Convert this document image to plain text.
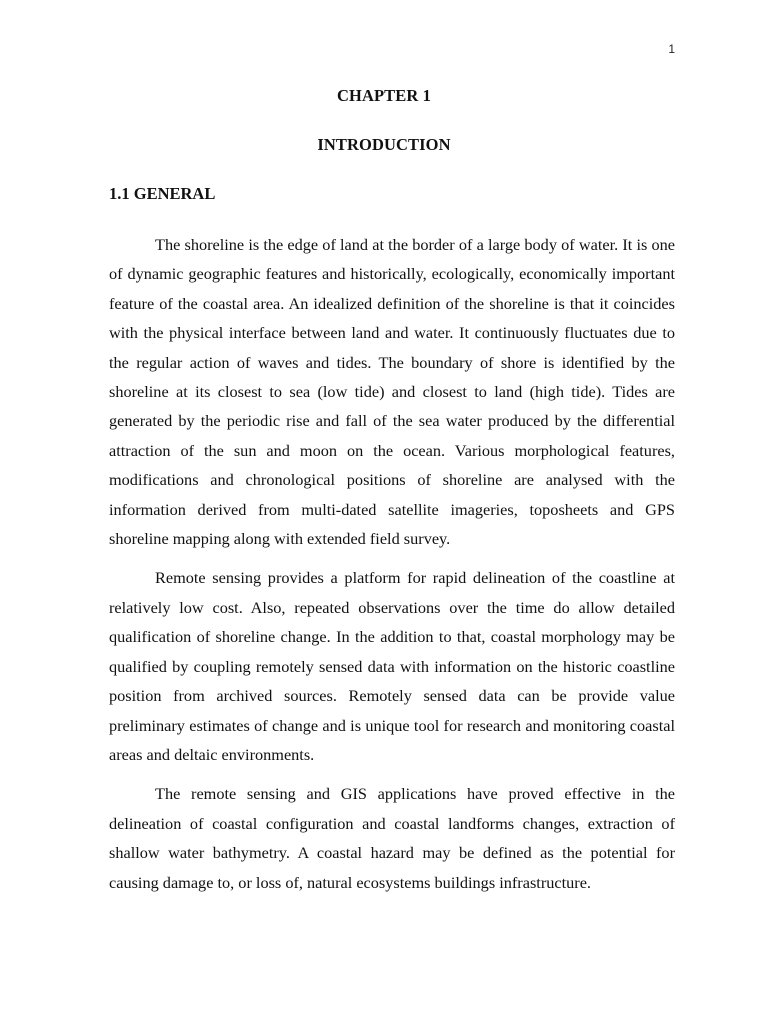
1
CHAPTER 1
INTRODUCTION
1.1 GENERAL

The shoreline is the edge of land at the border of a large body of water. It is one of dynamic geographic features and historically, ecologically, economically important feature of the coastal area. An idealized definition of the shoreline is that it coincides with the physical interface between land and water. It continuously fluctuates due to the regular action of waves and tides. The boundary of shore is identified by the shoreline at its closest to sea (low tide) and closest to land (high tide). Tides are generated by the periodic rise and fall of the sea water produced by the differential attraction of the sun and moon on the ocean. Various morphological features, modifications and chronological positions of shoreline are analysed with the information derived from multi-dated satellite imageries, toposheets and GPS shoreline mapping along with extended field survey.

Remote sensing provides a platform for rapid delineation of the coastline at relatively low cost. Also, repeated observations over the time do allow detailed qualification of shoreline change. In the addition to that, coastal morphology may be qualified by coupling remotely sensed data with information on the historic coastline position from archived sources. Remotely sensed data can be provide value preliminary estimates of change and is unique tool for research and monitoring coastal areas and deltaic environments.

The remote sensing and GIS applications have proved effective in the delineation of coastal configuration and coastal landforms changes, extraction of shallow water bathymetry. A coastal hazard may be defined as the potential for causing damage to, or loss of, natural ecosystems buildings infrastructure.
